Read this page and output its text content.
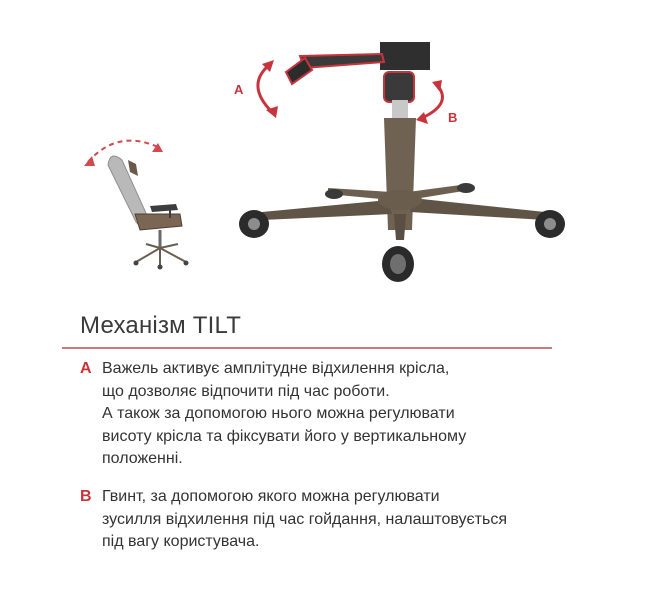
A
B
Механізм TILT
A Важель активує амплітудне відхилення крісла,
що дозволяє відпочити під час роботи.
А також за допомогою нього можна регулювати
висоту крісла та фіксувати його у вертикальному
положенні.
B Гвинт, за допомогою якого можна регулювати
зусилля відхилення під час гойдання, налаштовується
під вагу користувача.
